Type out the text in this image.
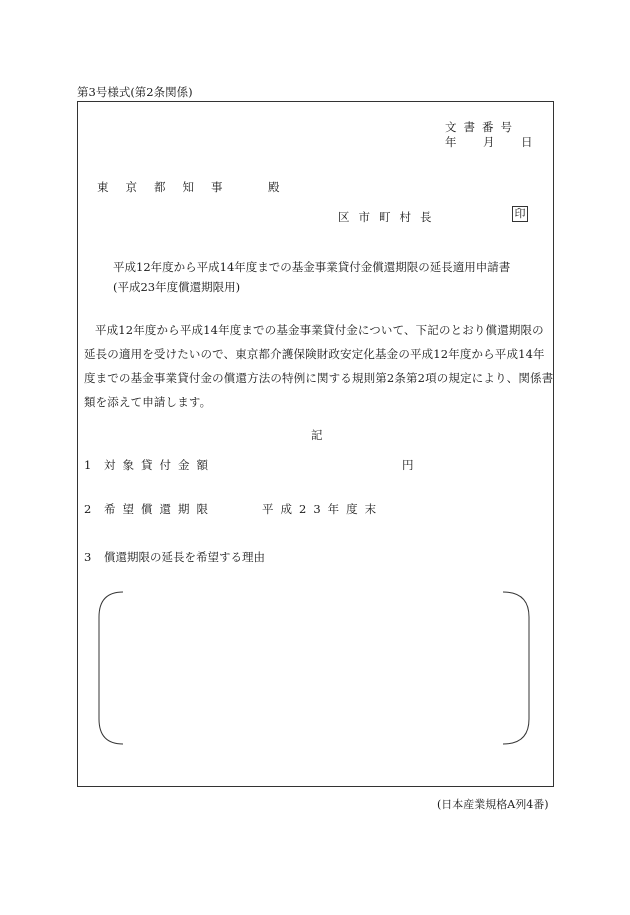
第3号様式(第2条関係)
文書番号
年 月 日
東京都知事　殿
区市町村長	印
平成12年度から平成14年度までの基金事業貸付金償還期限の延長適用申請書
(平成23年度償還期限用)
平成12年度から平成14年度までの基金事業貸付金について、下記のとおり償還期限の延長の適用を受けたいので、東京都介護保険財政安定化基金の平成12年度から平成14年度までの基金事業貸付金の償還方法の特例に関する規則第2条第2項の規定により、関係書類を添えて申請します。
記
1 対象貸付金額	円
2 希望償還期限	平成23年度末
3 償還期限の延長を希望する理由
(日本産業規格A列4番)
